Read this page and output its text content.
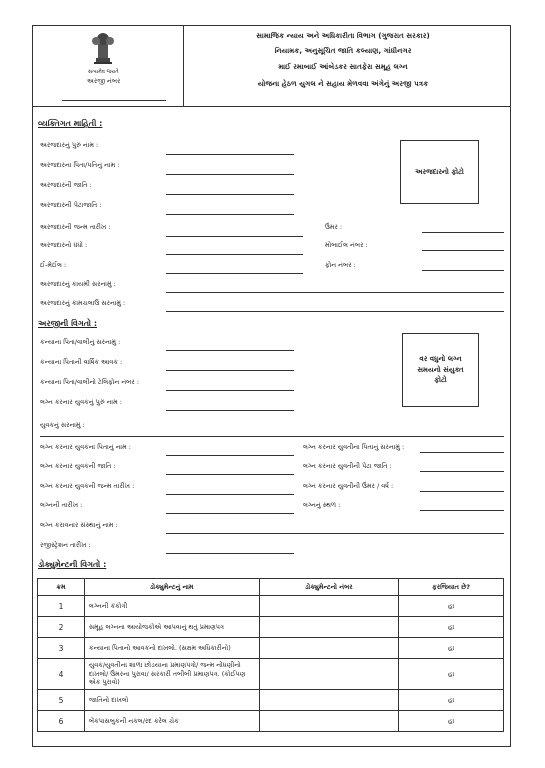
સત્યમેવ જયતે
અરજી નંબર
સામાજિક ન્યાય અને અધિકારીતા વિભાગ (ગુજરાત સરકાર)
નિયામક, અનુસૂચિત જાતિ કલ્યાણ, ગાંધીનગર
માઈ રમાબાઈ આંબેડકર સાતફેરા સમૂહ લગ્ન
યોજના હેઠળ યુગલ ને સહાય મેળવવા અંગેનું અરજી પત્રક
વ્યક્તિગત માહિતી :
અરજદારનું પુરું નામ :
અરજદારના પિતા/પતિનું નામ :
અરજદારની જાતિ :
અરજદારની પેટાજાતિ :
અરજદારનો ફોટો
અરજદારની જન્મ તારીખ :
અરજદારનો ધંધો :
ઈ-મેઈલ :
ઉંમર :
મોબાઈલ નંબર :
ફોન નંબર :
અરજદારનું કાયમી સરનામું :
અરજદારનું કામચલાઉ સરનામું :
અરજીની વિગતો :
કન્યાના પિતા/વાલીનું સરનામું :
કન્યાના પિતાની વાર્ષિક આવક :
કન્યાના પિતા/વાલીનો ટેલિફોન નંબર :
લગ્ન કરનાર યુવકનું પુરું નામ :
વર વધુનો લગ્ન
સમયનો સંયુક્ત
ફોટો
યુવકનું સરનામું :
લગ્ન કરનાર યુવકના પિતાનું નામ :
લગ્ન કરનાર યુવકની જાતિ :
લગ્ન કરનાર યુવકની જન્મ તારીખ :
લગ્નની તારીખ :
લગ્ન કરનાર યુવતીના પિતાનું સરનામું :
લગ્ન કરનાર યુવતીની પેટા જાતિ :
લગ્ન કરનાર યુવતીની ઉંમર / વર્ષ :
લગ્નનું સ્થળ :
લગ્ન કરાવનાર સંસ્થાનું નામ :
રજીસ્ટ્રેશન તારીખ :
ડોક્યુમેન્ટની વિગતો :
ક્રમ	ડોક્યુમેન્ટનું નામ	ડોક્યુમેન્ટનો નંબર	ફરજિયાત છે?
1	લગ્નની કંકોત્રી		હા
2	સમૂહ લગ્નના આયોજકોએ આપવાનું થતું પ્રમાણપત્ર		હા
3	કન્યાના પિતાનો આવકનો દાખલો. (સક્ષમ અધિકારીનો)		હા
4	યુવક/યુવતીના શાળા છોડયાના પ્રમાણપત્રો/ જન્મ નોંધણીનો દાખલો/ ઉંમરના પુરાવા/ સરકારી તબીબી પ્રમાણપત્ર. (કોઈપણ એક પુરાવો)		હા
5	જાતિનો દાખલો		હા
6	બેંકપાસબુકની નકલ/રદ કરેલ ચેક		હા
